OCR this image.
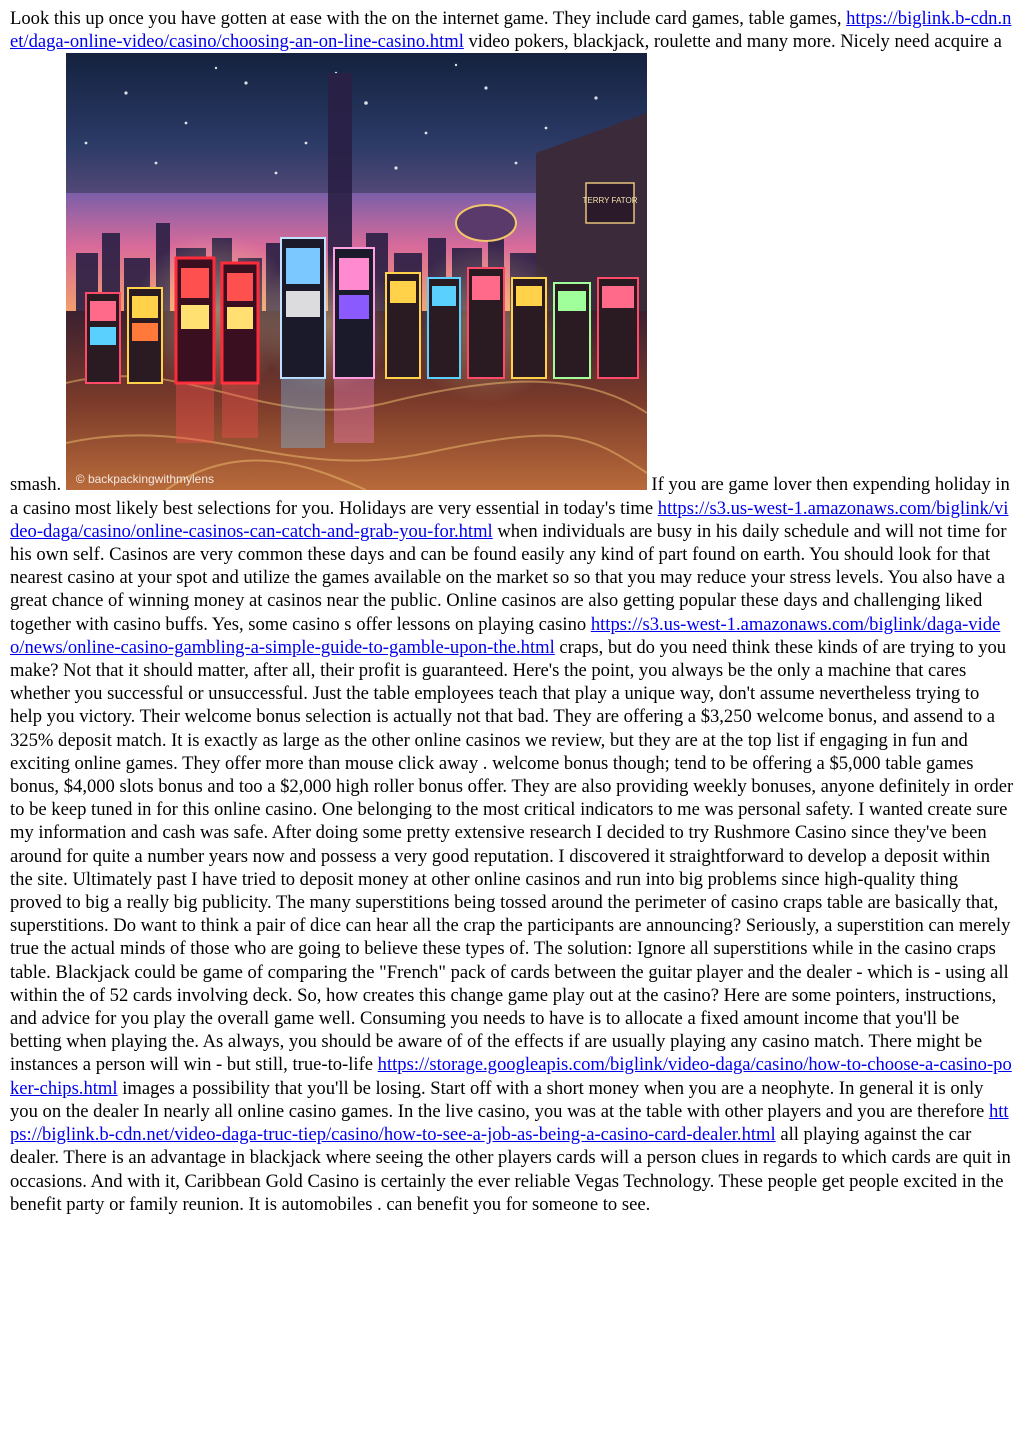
Look this up once you have gotten at ease with the on the internet game. They include card games, table games, https://biglink.b-cdn.net/daga-online-video/casino/choosing-an-on-line-casino.html video pokers, blackjack, roulette and many more. Nicely need acquire a smash.
TERRY FATOR
© backpackingwithmylens	If you are game lover then expending holiday in a casino most likely best selections for you. Holidays are very essential in today's time https://s3.us-west-1.amazonaws.com/biglink/video-daga/casino/online-casinos-can-catch-and-grab-you-for.html when individuals are busy in his daily schedule and will not time for his own self. Casinos are very common these days and can be found easily any kind of part found on earth. You should look for that nearest casino at your spot and utilize the games available on the market so so that you may reduce your stress levels. You also have a great chance of winning money at casinos near the public. Online casinos are also getting popular these days and challenging liked together with casino buffs. Yes, some casino s offer lessons on playing casino https://s3.us-west-1.amazonaws.com/biglink/daga-video/news/online-casino-gambling-a-simple-guide-to-gamble-upon-the.html craps, but do you need think these kinds of are trying to you make? Not that it should matter, after all, their profit is guaranteed. Here's the point, you always be the only a machine that cares whether you successful or unsuccessful. Just the table employees teach that play a unique way, don't assume nevertheless trying to help you victory. Their welcome bonus selection is actually not that bad. They are offering a $3,250 welcome bonus, and assend to a 325% deposit match. It is exactly as large as the other online casinos we review, but they are at the top list if engaging in fun and exciting online games. They offer more than mouse click away . welcome bonus though; tend to be offering a $5,000 table games bonus, $4,000 slots bonus and too a $2,000 high roller bonus offer. They are also providing weekly bonuses, anyone definitely in order to be keep tuned in for this online casino. One belonging to the most critical indicators to me was personal safety. I wanted create sure my information and cash was safe. After doing some pretty extensive research I decided to try Rushmore Casino since they've been around for quite a number years now and possess a very good reputation. I discovered it straightforward to develop a deposit within the site. Ultimately past I have tried to deposit money at other online casinos and run into big problems since high-quality thing proved to big a really big publicity. The many superstitions being tossed around the perimeter of casino craps table are basically that, superstitions. Do want to think a pair of dice can hear all the crap the participants are announcing? Seriously, a superstition can merely true the actual minds of those who are going to believe these types of. The solution: Ignore all superstitions while in the casino craps table. Blackjack could be game of comparing the "French" pack of cards between the guitar player and the dealer - which is - using all within the of 52 cards involving deck. So, how creates this change game play out at the casino? Here are some pointers, instructions, and advice for you play the overall game well. Consuming you needs to have is to allocate a fixed amount income that you'll be betting when playing the. As always, you should be aware of of the effects if are usually playing any casino match. There might be instances a person will win - but still, true-to-life https://storage.googleapis.com/biglink/video-daga/casino/how-to-choose-a-casino-poker-chips.html images a possibility that you'll be losing. Start off with a short money when you are a neophyte. In general it is only you on the dealer In nearly all online casino games. In the live casino, you was at the table with other players and you are therefore https://biglink.b-cdn.net/video-daga-truc-tiep/casino/how-to-see-a-job-as-being-a-casino-card-dealer.html all playing against the car dealer. There is an advantage in blackjack where seeing the other players cards will a person clues in regards to which cards are quit in occasions. And with it, Caribbean Gold Casino is certainly the ever reliable Vegas Technology. These people get people excited in the benefit party or family reunion. It is automobiles . can benefit you for someone to see.
